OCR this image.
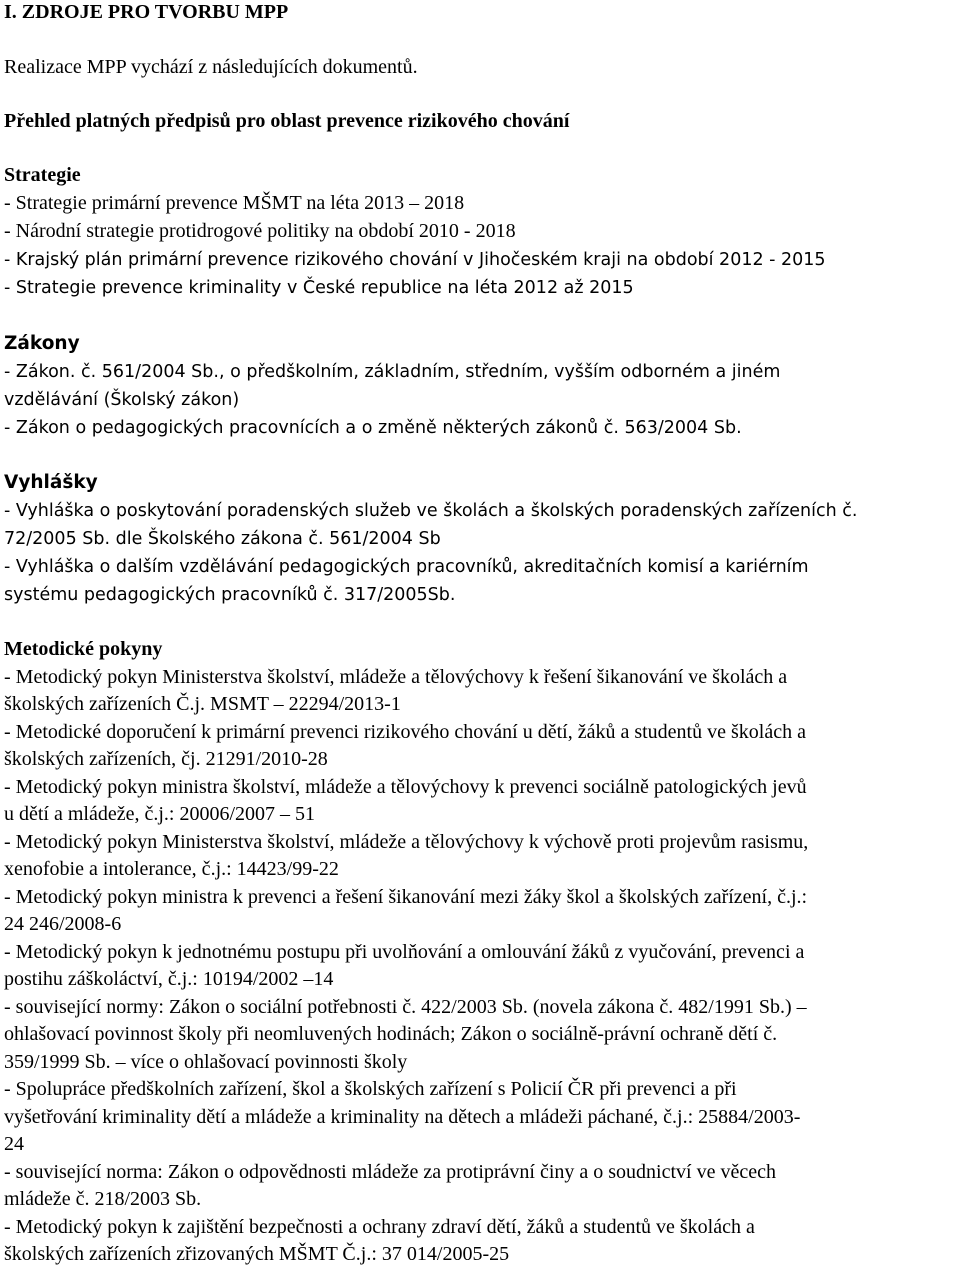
I. ZDROJE PRO TVORBU MPP
Realizace MPP vychází z následujících dokumentů.
Přehled platných předpisů pro oblast prevence rizikového chování
Strategie
- Strategie primární prevence MŠMT na léta 2013 – 2018
- Národní strategie protidrogové politiky na období 2010 - 2018
- Krajský plán primární prevence rizikového chování v Jihočeském kraji na období 2012 - 2015
- Strategie prevence kriminality v České republice na léta 2012 až 2015
Zákony
- Zákon. č. 561/2004 Sb., o předškolním, základním, středním, vyšším odborném a jiném
vzdělávání (Školský zákon)
- Zákon o pedagogických pracovnících a o změně některých zákonů č. 563/2004 Sb.
Vyhlášky
- Vyhláška o poskytování poradenských služeb ve školách a školských poradenských zařízeních č.
72/2005 Sb. dle Školského zákona č. 561/2004 Sb
- Vyhláška o dalším vzdělávání pedagogických pracovníků, akreditačních komisí a kariérním
systému pedagogických pracovníků č. 317/2005Sb.
Metodické pokyny
- Metodický pokyn Ministerstva školství, mládeže a tělovýchovy k řešení šikanování ve školách a
školských zařízeních Č.j. MSMT – 22294/2013-1
- Metodické doporučení k primární prevenci rizikového chování u dětí, žáků a studentů ve školách a
školských zařízeních, čj. 21291/2010-28
- Metodický pokyn ministra školství, mládeže a tělovýchovy k prevenci sociálně patologických jevů
u dětí a mládeže, č.j.: 20006/2007 – 51
- Metodický pokyn Ministerstva školství, mládeže a tělovýchovy k výchově proti projevům rasismu,
xenofobie a intolerance, č.j.: 14423/99-22
- Metodický pokyn ministra k prevenci a řešení šikanování mezi žáky škol a školských zařízení, č.j.:
24 246/2008-6
- Metodický pokyn k jednotnému postupu při uvolňování a omlouvání žáků z vyučování, prevenci a
postihu záškoláctví, č.j.: 10194/2002 –14
- související normy: Zákon o sociální potřebnosti č. 422/2003 Sb. (novela zákona č. 482/1991 Sb.) –
ohlašovací povinnost školy při neomluvených hodinách; Zákon o sociálně-právní ochraně dětí č.
359/1999 Sb. – více o ohlašovací povinnosti školy
- Spolupráce předškolních zařízení, škol a školských zařízení s Policií ČR při prevenci a při
vyšetřování kriminality dětí a mládeže a kriminality na dětech a mládeži páchané, č.j.: 25884/2003-
24
- související norma: Zákon o odpovědnosti mládeže za protiprávní činy a o soudnictví ve věcech
mládeže č. 218/2003 Sb.
- Metodický pokyn k zajištění bezpečnosti a ochrany zdraví dětí, žáků a studentů ve školách a
školských zařízeních zřizovaných MŠMT Č.j.: 37 014/2005-25
